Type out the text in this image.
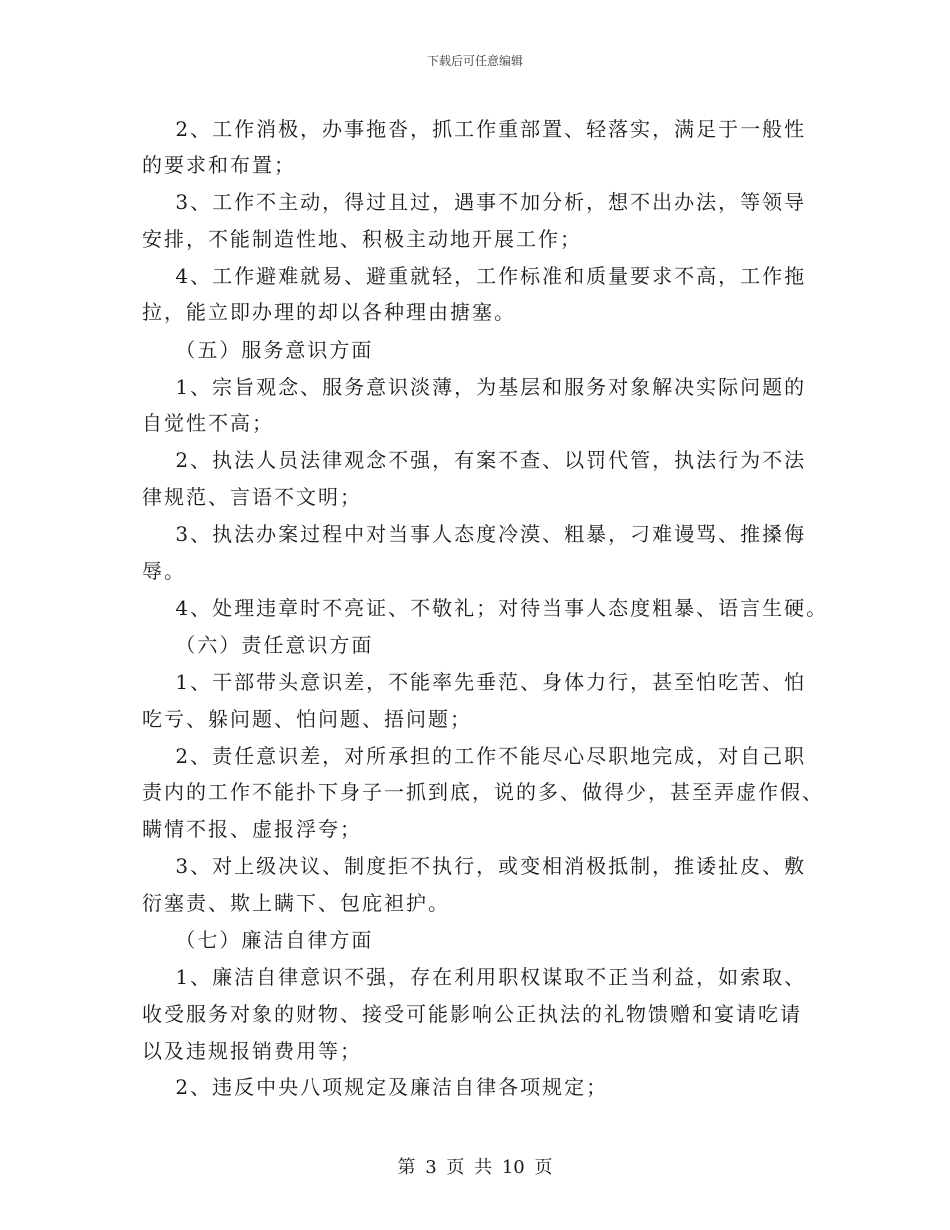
下载后可任意编辑
2、工作消极，办事拖沓，抓工作重部置、轻落实，满足于一般性
的要求和布置；
3、工作不主动，得过且过，遇事不加分析，想不出办法，等领导
安排，不能制造性地、积极主动地开展工作；
4、工作避难就易、避重就轻，工作标准和质量要求不高，工作拖
拉，能立即办理的却以各种理由搪塞。
（五）服务意识方面
1、宗旨观念、服务意识淡薄，为基层和服务对象解决实际问题的
自觉性不高；
2、执法人员法律观念不强，有案不查、以罚代管，执法行为不法
律规范、言语不文明；
3、执法办案过程中对当事人态度冷漠、粗暴，刁难谩骂、推搡侮
辱。
4、处理违章时不亮证、不敬礼；对待当事人态度粗暴、语言生硬。
（六）责任意识方面
1、干部带头意识差，不能率先垂范、身体力行，甚至怕吃苦、怕
吃亏、躲问题、怕问题、捂问题；
2、责任意识差，对所承担的工作不能尽心尽职地完成，对自己职
责内的工作不能扑下身子一抓到底，说的多、做得少，甚至弄虚作假、
瞒情不报、虚报浮夸；
3、对上级决议、制度拒不执行，或变相消极抵制，推诿扯皮、敷
衍塞责、欺上瞒下、包庇袒护。
（七）廉洁自律方面
1、廉洁自律意识不强，存在利用职权谋取不正当利益，如索取、
收受服务对象的财物、接受可能影响公正执法的礼物馈赠和宴请吃请
以及违规报销费用等；
2、违反中央八项规定及廉洁自律各项规定；
第 3 页 共 10 页
